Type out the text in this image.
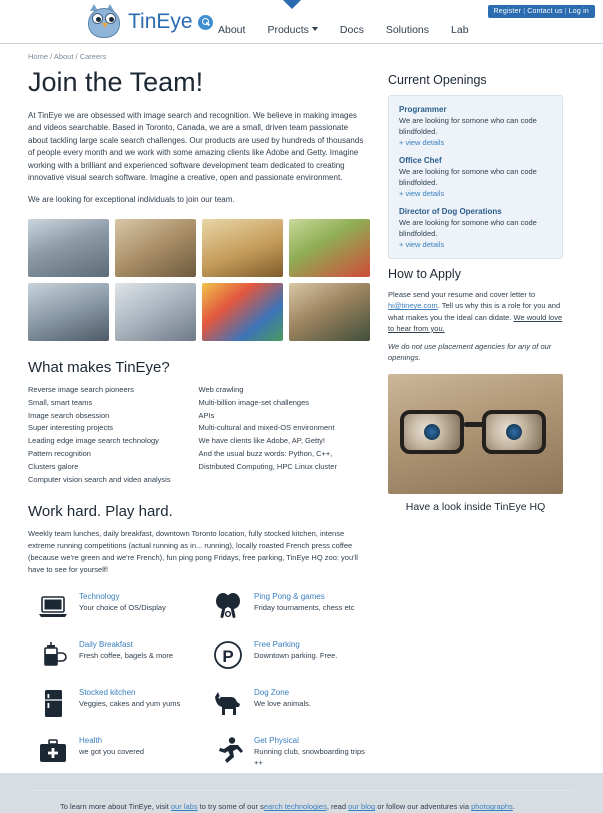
Register | Contact us | Log in
TinEye	About Products	Docs Solutions Lab
Home / About / Careers
Join the Team!

At TinEye we are obsessed with image search and recognition. We believe in making images and videos searchable. Based in Toronto, Canada, we are a small, driven team passionate about tackling large scale search challenges. Our products are used by hundreds of thousands of people every month and we work with some amazing clients like Adobe and Getty. Imagine working with a brilliant and experienced software development team dedicated to creating innovative visual search software. Imagine a creative, open and passionate environment.

We are looking for exceptional individuals to join our team.

What makes TinEye?
Reverse image search pioneers
Small, smart teams
Image search obsession
Super interesting projects
Leading edge image search technology
Pattern recognition
Clusters galore
Computer vision search and video analysis
Web crawling
Multi-billion image-set challenges
APIs
Multi-cultural and mixed-OS environment
We have clients like Adobe, AP, Getty!
And the usual buzz words: Python, C++,
Distributed Computing, HPC Linux cluster
Work hard. Play hard.
Weekly team lunches, daily breakfast, downtown Toronto location, fully stocked kitchen, intense extreme running competitions (actual running as in... running), locally roasted French press coffee (because we're green and we're French), fun ping pong Fridays, free parking, TinEye HQ zoo: you'll have to see for yourself!
Technology
Your choice of OS/Display
Ping Pong & games
Friday tournaments, chess etc
Daily Breakfast
Fresh coffee, bagels & more	P
Free Parking
Downtown parking. Free.
Stocked kitchen
Veggies, cakes and yum yums
Dog Zone
We love animals.
Health
we got you covered
Get Physical
Running club, snowboarding trips ++
Current Openings
Programmer
We are looking for somone who can code blindfolded.
+ view details
Office Chef
We are looking for somone who can code blindfolded.
+ view details
Director of Dog Operations
We are looking for somone who can code blindfolded.
+ view details
How to Apply
Please send your resume and cover letter to hi@tineye.com. Tell us why this is a role for you and what makes you the ideal can didate. We would love to hear from you.
We do not use placement agencies for any of our openings.
Have a look inside TinEye HQ
To learn more about TinEye, visit our labs to try some of our search technologies, read our blog or follow our adventures via photographs.
